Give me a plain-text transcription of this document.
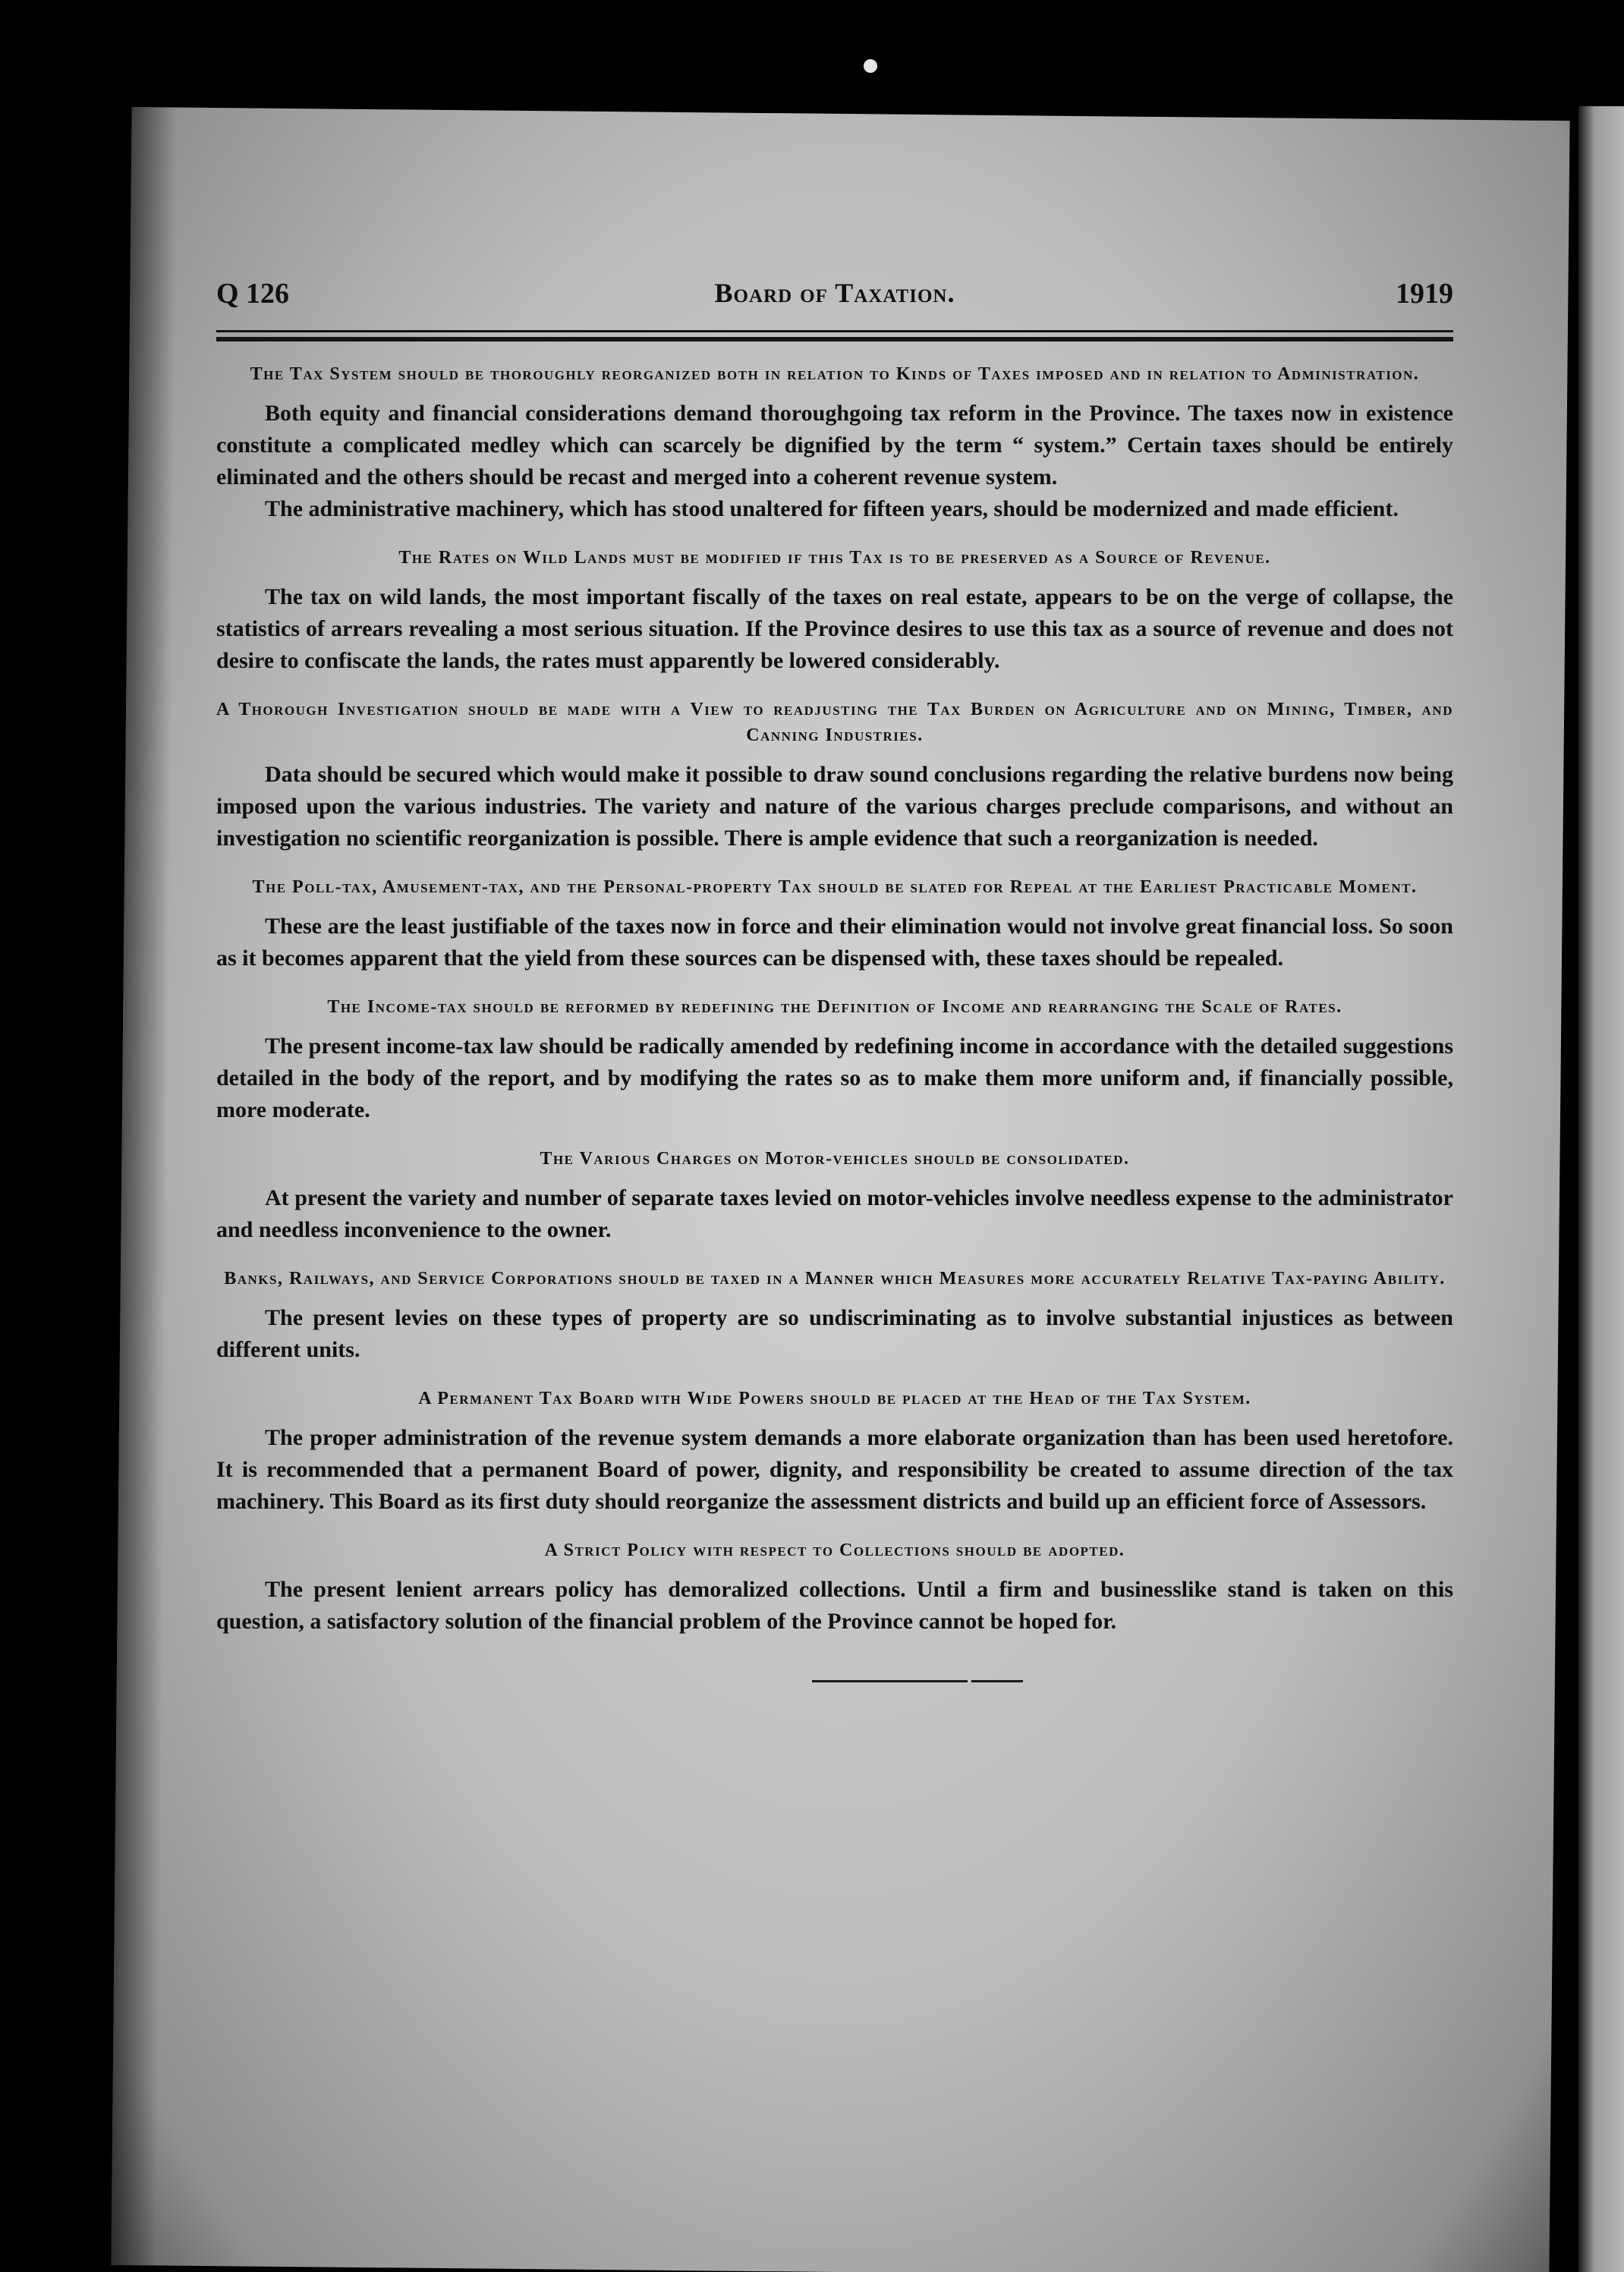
Q 126	Board of Taxation.	1919
The Tax System should be thoroughly reorganized both in relation to Kinds of Taxes imposed and in relation to Administration.

Both equity and financial considerations demand thoroughgoing tax reform in the Province. The taxes now in existence constitute a complicated medley which can scarcely be dignified by the term “ system.” Certain taxes should be entirely eliminated and the others should be recast and merged into a coherent revenue system.

The administrative machinery, which has stood unaltered for fifteen years, should be modernized and made efficient.

The Rates on Wild Lands must be modified if this Tax is to be preserved as a Source of Revenue.

The tax on wild lands, the most important fiscally of the taxes on real estate, appears to be on the verge of collapse, the statistics of arrears revealing a most serious situation. If the Province desires to use this tax as a source of revenue and does not desire to confiscate the lands, the rates must apparently be lowered considerably.

A Thorough Investigation should be made with a View to readjusting the Tax Burden on Agriculture and on Mining, Timber, and Canning Industries.

Data should be secured which would make it possible to draw sound conclusions regarding the relative burdens now being imposed upon the various industries. The variety and nature of the various charges preclude comparisons, and without an investigation no scientific reorganization is possible. There is ample evidence that such a reorganization is needed.

The Poll-tax, Amusement-tax, and the Personal-property Tax should be slated for Repeal at the Earliest Practicable Moment.

These are the least justifiable of the taxes now in force and their elimination would not involve great financial loss. So soon as it becomes apparent that the yield from these sources can be dispensed with, these taxes should be repealed.

The Income-tax should be reformed by redefining the Definition of Income and rearranging the Scale of Rates.

The present income-tax law should be radically amended by redefining income in accordance with the detailed suggestions detailed in the body of the report, and by modifying the rates so as to make them more uniform and, if financially possible, more moderate.

The Various Charges on Motor-vehicles should be consolidated.

At present the variety and number of separate taxes levied on motor-vehicles involve needless expense to the administrator and needless inconvenience to the owner.

Banks, Railways, and Service Corporations should be taxed in a Manner which Measures more accurately Relative Tax-paying Ability.

The present levies on these types of property are so undiscriminating as to involve substantial injustices as between different units.

A Permanent Tax Board with Wide Powers should be placed at the Head of the Tax System.

The proper administration of the revenue system demands a more elaborate organization than has been used heretofore. It is recommended that a permanent Board of power, dignity, and responsibility be created to assume direction of the tax machinery. This Board as its first duty should reorganize the assessment districts and build up an efficient force of Assessors.

A Strict Policy with respect to Collections should be adopted.

The present lenient arrears policy has demoralized collections. Until a firm and businesslike stand is taken on this question, a satisfactory solution of the financial problem of the Province cannot be hoped for.
